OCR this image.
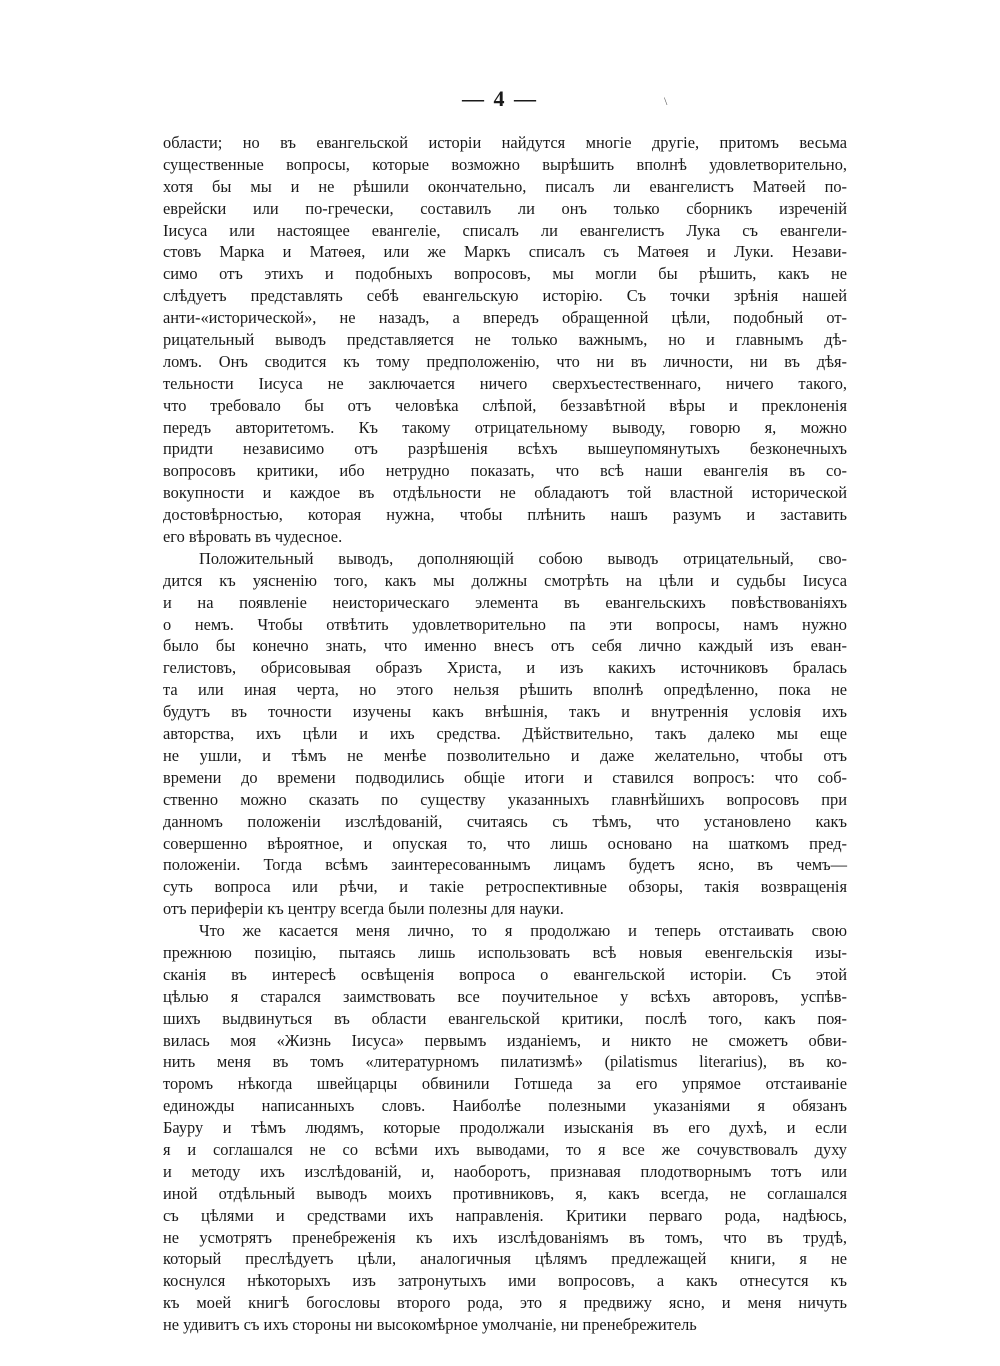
— 4 —	\
области; но въ евангельской исторіи найдутся многіе другіе, притомъ весьма
существенные вопросы, которые возможно вырѣшить вполнѣ удовлетворительно,
хотя бы мы и не рѣшили окончательно, писалъ ли евангелистъ Матѳей по-
еврейски или по-гречески, составилъ ли онъ только сборникъ изреченій
Іисуса или настоящее евангеліе, списалъ ли евангелистъ Лука съ евангели-
стовъ Марка и Матѳея, или же Маркъ списалъ съ Матѳея и Луки. Незави-
симо отъ этихъ и подобныхъ вопросовъ, мы могли бы рѣшить, какъ не
слѣдуетъ представлять себѣ евангельскую исторію. Съ точки зрѣнія нашей
анти-«исторической», не назадъ, а впередъ обращенной цѣли, подобный от-
рицательный выводъ представляется не только важнымъ, но и главнымъ дѣ-
ломъ. Онъ сводится къ тому предположенію, что ни въ личности, ни въ дѣя-
тельности Іисуса не заключается ничего сверхъестественнаго, ничего такого,
что требовало бы отъ человѣка слѣпой, беззавѣтной вѣры и преклоненія
передъ авторитетомъ. Къ такому отрицательному выводу, говорю я, можно
придти независимо отъ разрѣшенія всѣхъ вышеупомянутыхъ безконечныхъ
вопросовъ критики, ибо нетрудно показать, что всѣ наши евангелія въ со-
вокупности и каждое въ отдѣльности не обладаютъ той властной исторической
достовѣрностью, которая нужна, чтобы плѣнить нашъ разумъ и заставить
его вѣровать въ чудесное.
Положительный выводъ, дополняющій собою выводъ отрицательный, сво-
дится къ уясненію того, какъ мы должны смотрѣть на цѣли и судьбы Іисуса
и на появленіе неисторическаго элемента въ евангельскихъ повѣствованіяхъ
о немъ. Чтобы отвѣтить удовлетворительно па эти вопросы, намъ нужно
было бы конечно знать, что именно внесъ отъ себя лично каждый изъ еван-
гелистовъ, обрисовывая образъ Христа, и изъ какихъ источниковъ бралась
та или иная черта, но этого нельзя рѣшить вполнѣ опредѣленно, пока не
будутъ въ точности изучены какъ внѣшнія, такъ и внутреннія условія ихъ
авторства, ихъ цѣли и ихъ средства. Дѣйствительно, такъ далеко мы еще
не ушли, и тѣмъ не менѣе позволительно и даже желательно, чтобы отъ
времени до времени подводились общіе итоги и ставился вопросъ: что соб-
ственно можно сказать по существу указанныхъ главнѣйшихъ вопросовъ при
данномъ положеніи изслѣдованій, считаясь съ тѣмъ, что установлено какъ
совершенно вѣроятное, и опуская то, что лишь основано на шаткомъ пред-
положеніи. Тогда всѣмъ заинтересованнымъ лицамъ будетъ ясно, въ чемъ—
суть вопроса или рѣчи, и такіе ретроспективные обзоры, такія возвращенія
отъ периферіи къ центру всегда были полезны для науки.
Что же касается меня лично, то я продолжаю и теперь отстаивать свою
прежнюю позицію, пытаясь лишь использовать всѣ новыя евенгельскія изы-
сканія въ интересѣ освѣщенія вопроса о евангельской исторіи. Съ этой
цѣлью я старался заимствовать все поучительное у всѣхъ авторовъ, успѣв-
шихъ выдвинуться въ области евангельской критики, послѣ того, какъ поя-
вилась моя «Жизнь Іисуса» первымъ изданіемъ, и никто не сможетъ обви-
нить меня въ томъ «литературномъ пилатизмѣ» (pilatismus literarius), въ ко-
торомъ нѣкогда швейцарцы обвинили Готшеда за его упрямое отстаиваніе
единожды написанныхъ словъ. Наиболѣе полезными указаніями я обязанъ
Бауру и тѣмъ людямъ, которые продолжали изысканія въ его духѣ, и если
я и соглашался не со всѣми ихъ выводами, то я все же сочувствовалъ духу
и методу ихъ изслѣдованій, и, наоборотъ, признавая плодотворнымъ тотъ или
иной отдѣльный выводъ моихъ противниковъ, я, какъ всегда, не соглашался
съ цѣлями и средствами ихъ направленія. Критики перваго рода, надѣюсь,
не усмотрятъ пренебреженія къ ихъ изслѣдованіямъ въ томъ, что въ трудѣ,
который преслѣдуетъ цѣли, аналогичныя цѣлямъ предлежащей книги, я не
коснулся нѣкоторыхъ изъ затронутыхъ ими вопросовъ, а какъ отнесутся къ
къ моей книгѣ богословы второго рода, это я предвижу ясно, и меня ничуть
не удивитъ съ ихъ стороны ни высокомѣрное умолчаніе, ни пренебрежитель
